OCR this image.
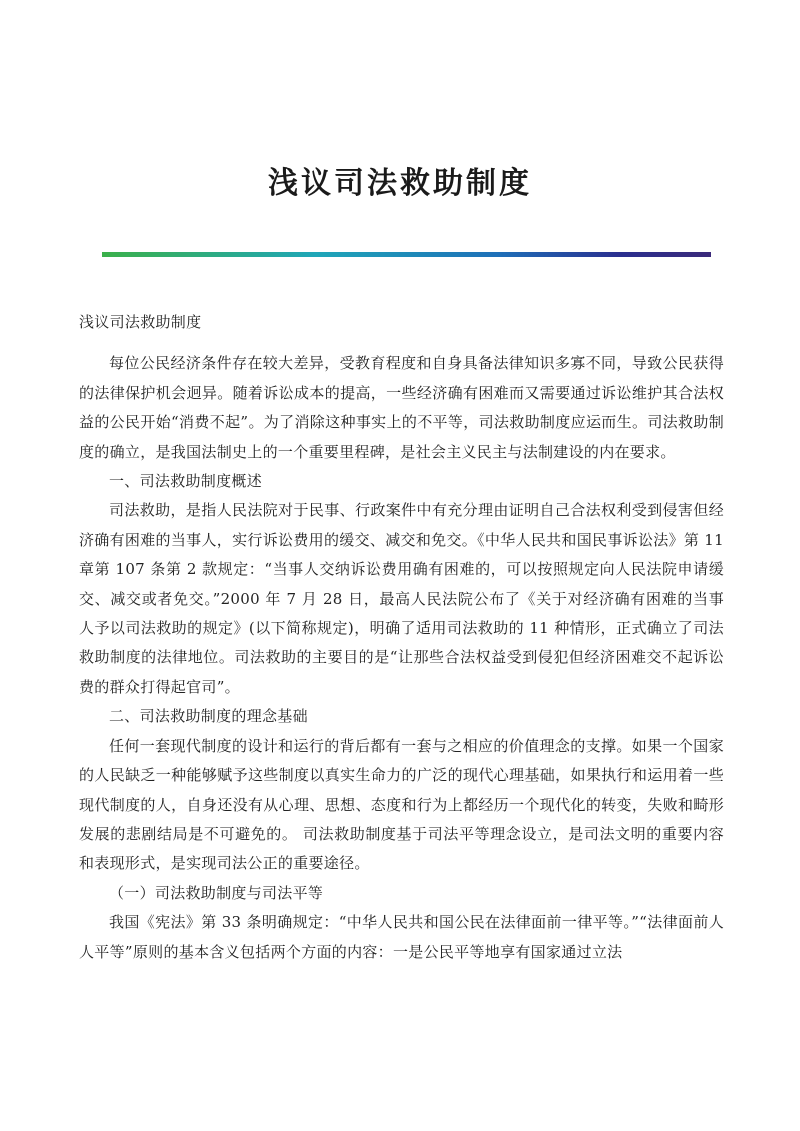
浅议司法救助制度

浅议司法救助制度

每位公民经济条件存在较大差异，受教育程度和自身具备法律知识多寡不同，导致公民获得的法律保护机会迥异。随着诉讼成本的提高，一些经济确有困难而又需要通过诉讼维护其合法权益的公民开始“消费不起”。为了消除这种事实上的不平等，司法救助制度应运而生。司法救助制度的确立，是我国法制史上的一个重要里程碑，是社会主义民主与法制建设的内在要求。

一、司法救助制度概述

司法救助，是指人民法院对于民事、行政案件中有充分理由证明自己合法权利受到侵害但经济确有困难的当事人，实行诉讼费用的缓交、减交和免交。《中华人民共和国民事诉讼法》第 11 章第 107 条第 2 款规定：“当事人交纳诉讼费用确有困难的，可以按照规定向人民法院申请缓交、减交或者免交。”2000 年 7 月 28 日，最高人民法院公布了《关于对经济确有困难的当事人予以司法救助的规定》(以下简称规定)，明确了适用司法救助的 11 种情形，正式确立了司法救助制度的法律地位。司法救助的主要目的是“让那些合法权益受到侵犯但经济困难交不起诉讼费的群众打得起官司”。

二、司法救助制度的理念基础

任何一套现代制度的设计和运行的背后都有一套与之相应的价值理念的支撑。如果一个国家的人民缺乏一种能够赋予这些制度以真实生命力的广泛的现代心理基础，如果执行和运用着一些现代制度的人，自身还没有从心理、思想、态度和行为上都经历一个现代化的转变，失败和畸形发展的悲剧结局是不可避免的。 司法救助制度基于司法平等理念设立，是司法文明的重要内容和表现形式，是实现司法公正的重要途径。

（一）司法救助制度与司法平等

我国《宪法》第 33 条明确规定：“中华人民共和国公民在法律面前一律平等。”“法律面前人人平等”原则的基本含义包括两个方面的内容：一是公民平等地享有国家通过立法
